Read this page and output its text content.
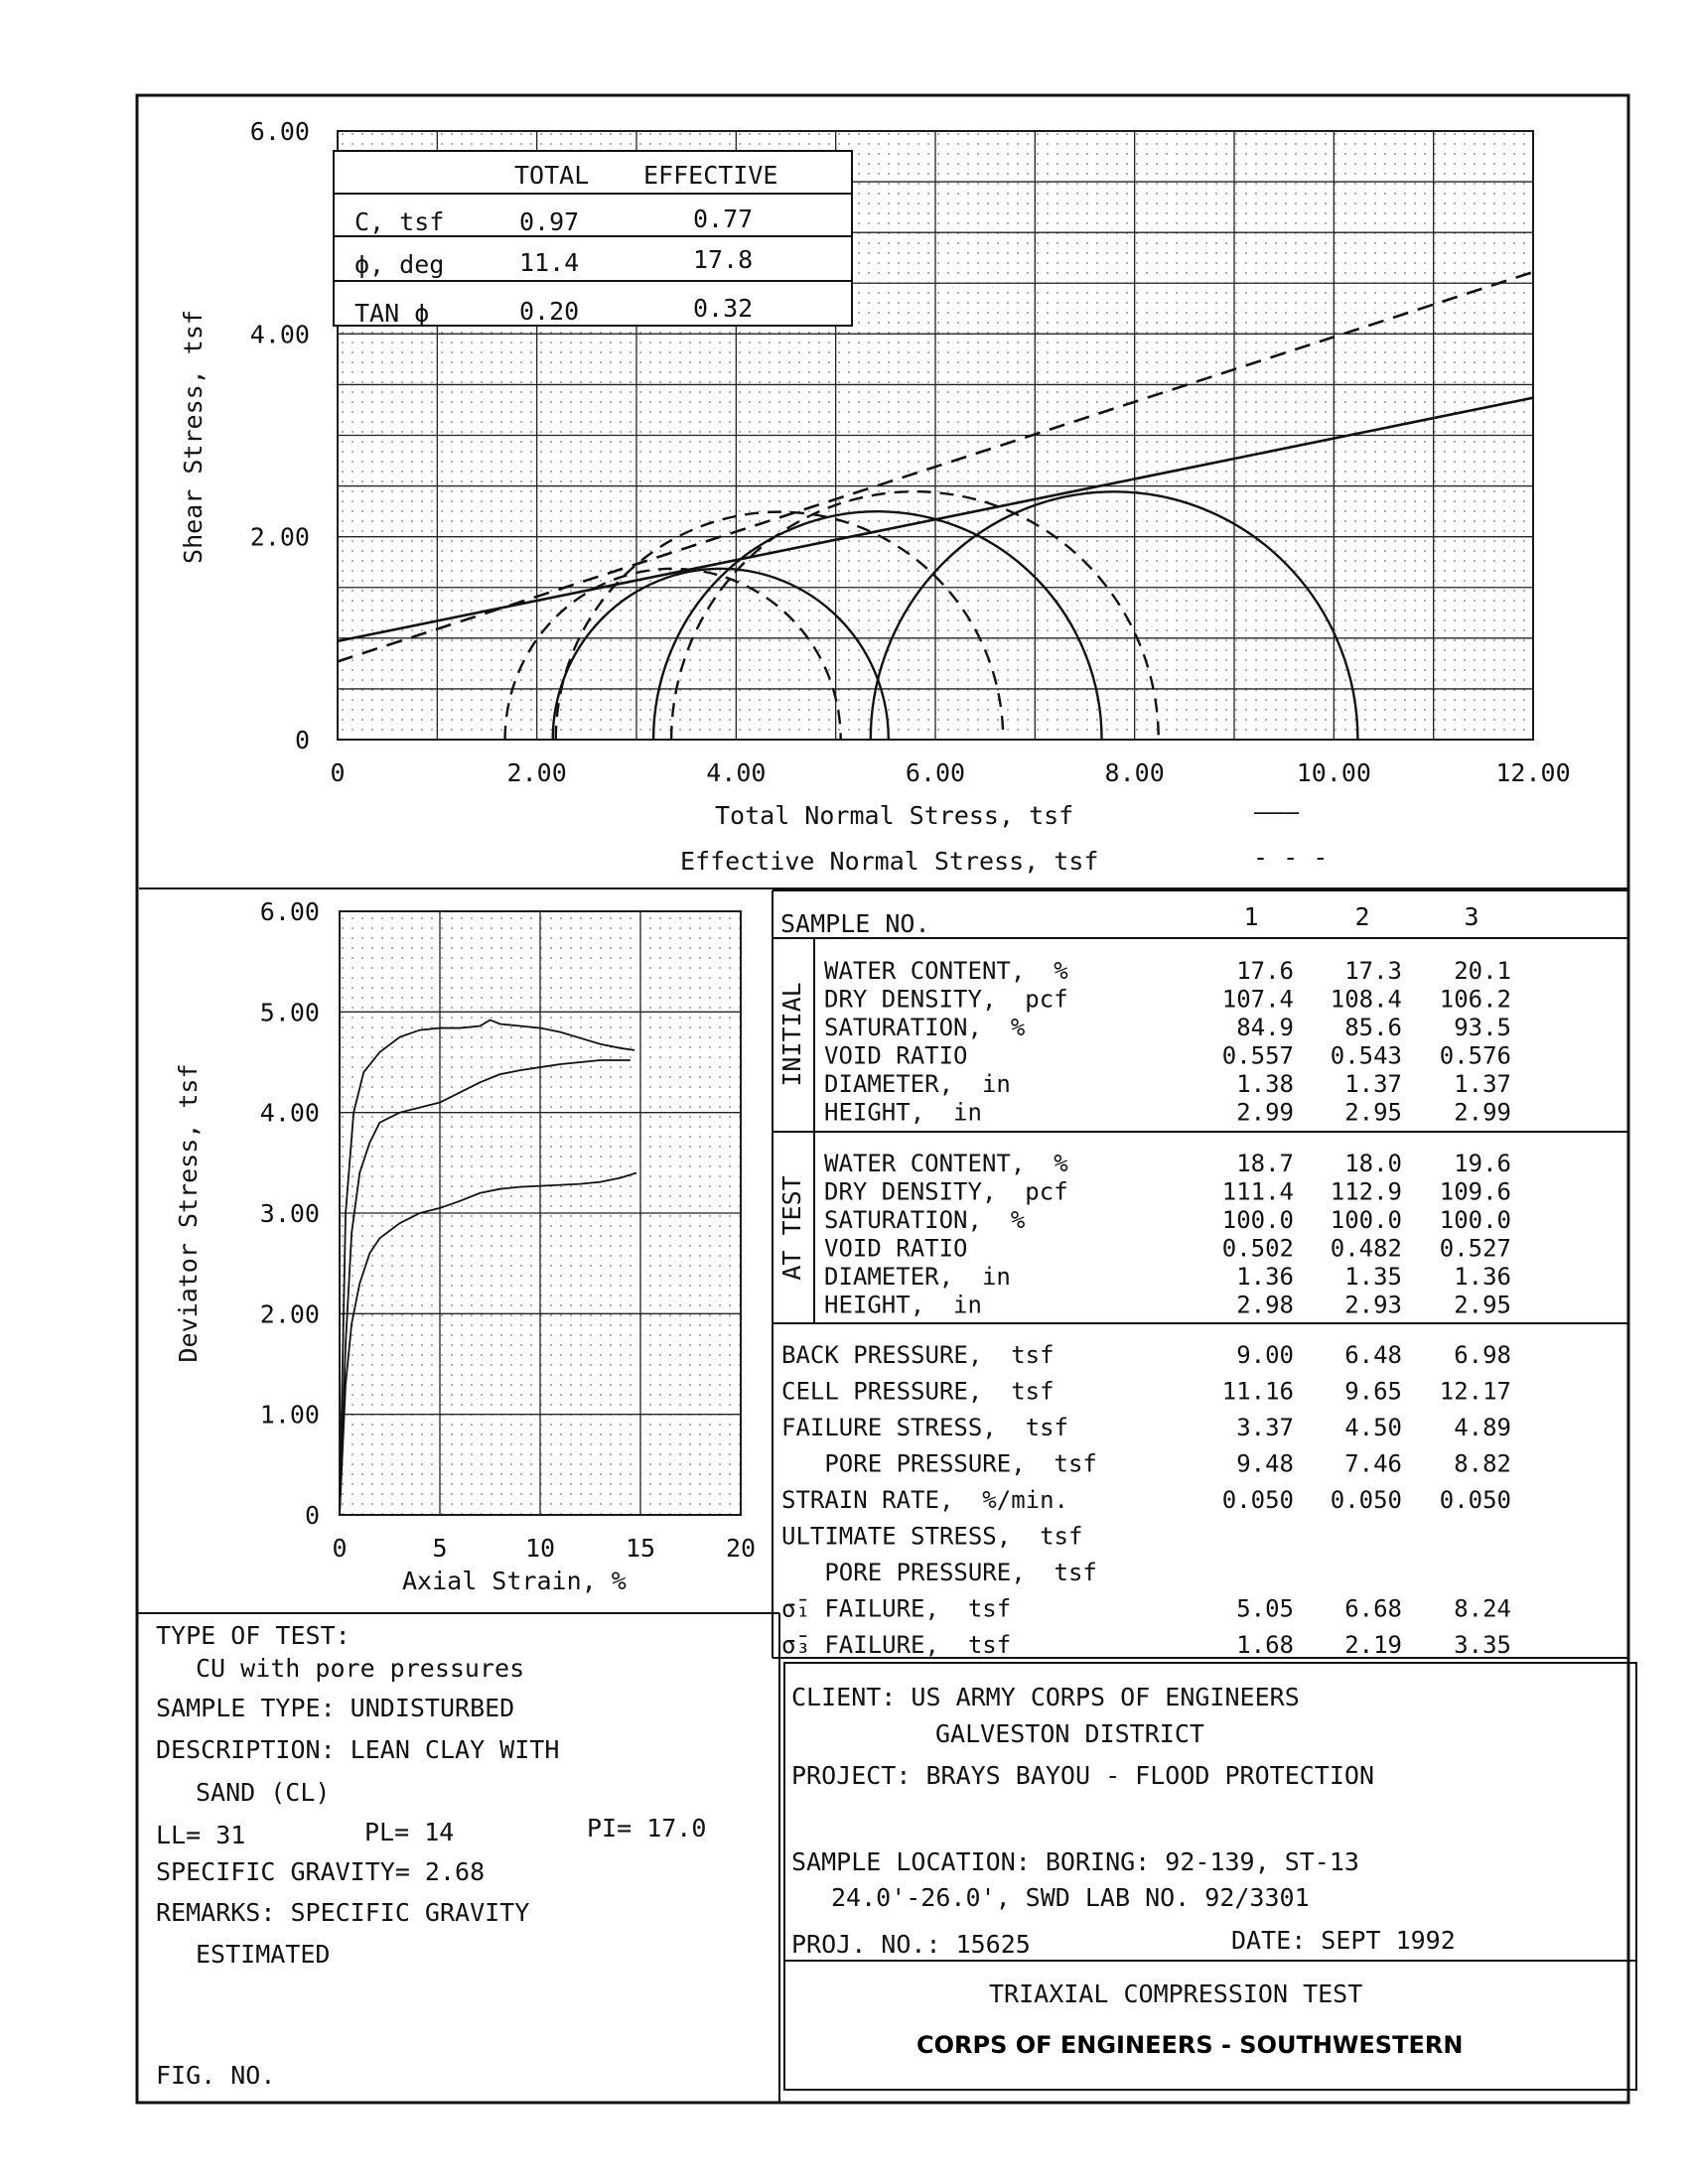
0	2.00	4.00	6.00	8.00	10.00	12.00
0
2.00
4.00
6.00
TOTAL EFFECTIVE
C, tsf	0.97	0.77
ϕ, deg	11.4	17.8
TAN ϕ	0.20	0.32
Shear Stress, tsf
Total Normal Stress, tsf	———
Effective Normal Stress, tsf	- - -
0	5	10	15	20
0
1.00
2.00
3.00
4.00
5.00
6.00
Deviator Stress, tsf
Axial Strain, %
SAMPLE NO.	1	2	3
INITIAL
AT TEST
WATER CONTENT,  %	17.6 17.3 20.1
DRY DENSITY,  pcf	107.4 108.4 106.2
SATURATION,  %	84.9 85.6 93.5
VOID RATIO	0.557 0.543 0.576
DIAMETER,  in	1.38 1.37 1.37
HEIGHT,  in	2.99 2.95 2.99
WATER CONTENT,  %	18.7 18.0 19.6
DRY DENSITY,  pcf	111.4 112.9 109.6
SATURATION,  %	100.0 100.0 100.0
VOID RATIO	0.502 0.482 0.527
DIAMETER,  in	1.36 1.35 1.36
HEIGHT,  in	2.98 2.93 2.95
BACK PRESSURE,  tsf	9.00 6.48 6.98
CELL PRESSURE,  tsf	11.16 9.65 12.17
FAILURE STRESS,  tsf	3.37 4.50 4.89
PORE PRESSURE,  tsf	9.48 7.46 8.82
STRAIN RATE,  %/min.	0.050 0.050 0.050
ULTIMATE STRESS,  tsf
PORE PRESSURE,  tsf
σ̄₁ FAILURE,  tsf	5.05 6.68 8.24
σ̄₃ FAILURE,  tsf	1.68 2.19 3.35
TYPE OF TEST:
CU with pore pressures
SAMPLE TYPE: UNDISTURBED
DESCRIPTION: LEAN CLAY WITH
SAND (CL)
LL= 31	PL= 14	PI= 17.0
SPECIFIC GRAVITY= 2.68
REMARKS: SPECIFIC GRAVITY
ESTIMATED
FIG. NO.
CLIENT: US ARMY CORPS OF ENGINEERS
GALVESTON DISTRICT
PROJECT: BRAYS BAYOU - FLOOD PROTECTION
SAMPLE LOCATION: BORING: 92-139, ST-13
24.0'-26.0', SWD LAB NO. 92/3301
PROJ. NO.: 15625	DATE: SEPT 1992
TRIAXIAL COMPRESSION TEST
CORPS OF ENGINEERS - SOUTHWESTERN
